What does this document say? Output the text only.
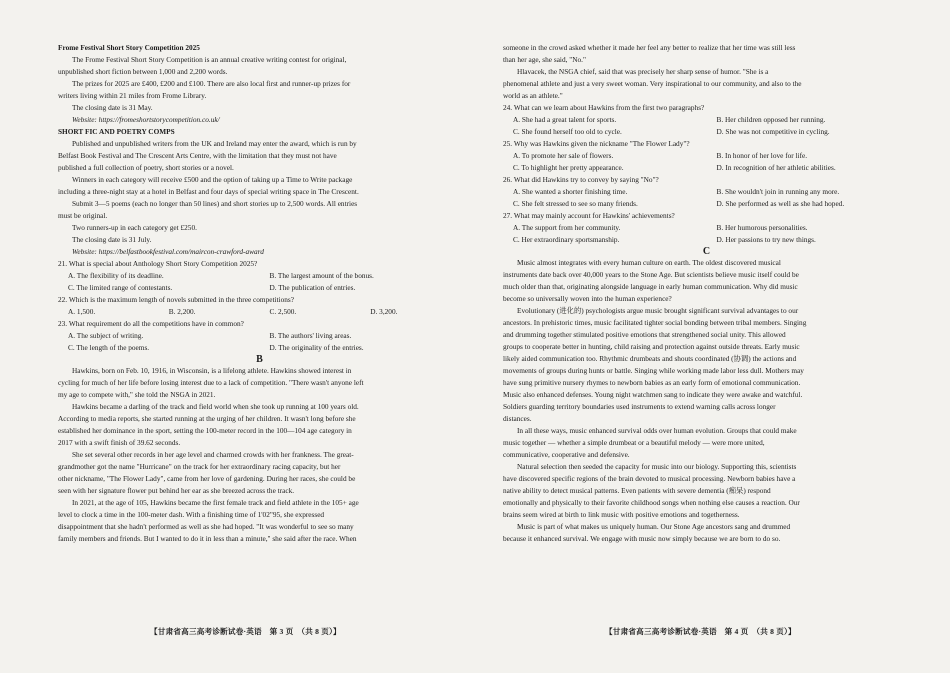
Frome Festival Short Story Competition 2025

The Frome Festival Short Story Competition is an annual creative writing contest for original,

unpublished short fiction between 1,000 and 2,200 words.

The prizes for 2025 are £400, £200 and £100. There are also local first and runner-up prizes for

writers living within 21 miles from Frome Library.

The closing date is 31 May.

Website: https://fromeshortstorycompetition.co.uk/

SHORT FIC AND POETRY COMPS

Published and unpublished writers from the UK and Ireland may enter the award, which is run by

Belfast Book Festival and The Crescent Arts Centre, with the limitation that they must not have

published a full collection of poetry, short stories or a novel.

Winners in each category will receive £500 and the option of taking up a Time to Write package

including a three-night stay at a hotel in Belfast and four days of special writing space in The Crescent.

Submit 3—5 poems (each no longer than 50 lines) and short stories up to 2,500 words. All entries

must be original.

Two runners-up in each category get £250.

The closing date is 31 July.

Website: https://belfastbookfestival.com/maircon-crawford-award

21. What is special about Anthology Short Story Competition 2025?

A. The flexibility of its deadline.	B. The largest amount of the bonus.
C. The limited range of contestants.	D. The publication of entries.

22. Which is the maximum length of novels submitted in the three competitions?

A. 1,500.	B. 2,200.	C. 2,500.	D. 3,200.

23. What requirement do all the competitions have in common?

A. The subject of writing.	B. The authors' living areas.
C. The length of the poems.	D. The originality of the entries.

B

Hawkins, born on Feb. 10, 1916, in Wisconsin, is a lifelong athlete. Hawkins showed interest in

cycling for much of her life before losing interest due to a lack of competition. "There wasn't anyone left

my age to compete with," she told the NSGA in 2021.

Hawkins became a darling of the track and field world when she took up running at 100 years old.

According to media reports, she started running at the urging of her children. It wasn't long before she

established her dominance in the sport, setting the 100-meter record in the 100—104 age category in

2017 with a swift finish of 39.62 seconds.

She set several other records in her age level and charmed crowds with her frankness. The great-

grandmother got the name "Hurricane" on the track for her extraordinary racing capacity, but her

other nickname, "The Flower Lady", came from her love of gardening. During her races, she could be

seen with her signature flower put behind her ear as she breezed across the track.

In 2021, at the age of 105, Hawkins became the first female track and field athlete in the 105+ age

level to clock a time in the 100-meter dash. With a finishing time of 1'02"95, she expressed

disappointment that she hadn't performed as well as she had hoped. "It was wonderful to see so many

family members and friends. But I wanted to do it in less than a minute," she said after the race. When

someone in the crowd asked whether it made her feel any better to realize that her time was still less

than her age, she said, "No."

Hlavacek, the NSGA chief, said that was precisely her sharp sense of humor. "She is a

phenomenal athlete and just a very sweet woman. Very inspirational to our community, and also to the

world as an athlete."

24. What can we learn about Hawkins from the first two paragraphs?

A. She had a great talent for sports.	B. Her children opposed her running.
C. She found herself too old to cycle.	D. She was not competitive in cycling.

25. Why was Hawkins given the nickname "The Flower Lady"?

A. To promote her sale of flowers.	B. In honor of her love for life.
C. To highlight her pretty appearance.	D. In recognition of her athletic abilities.

26. What did Hawkins try to convey by saying "No"?

A. She wanted a shorter finishing time.	B. She wouldn't join in running any more.
C. She felt stressed to see so many friends.	D. She performed as well as she had hoped.

27. What may mainly account for Hawkins' achievements?

A. The support from her community.	B. Her humorous personalities.
C. Her extraordinary sportsmanship.	D. Her passions to try new things.

C

Music almost integrates with every human culture on earth. The oldest discovered musical

instruments date back over 40,000 years to the Stone Age. But scientists believe music itself could be

much older than that, originating alongside language in early human communication. Why did music

become so universally woven into the human experience?

Evolutionary (进化的) psychologists argue music brought significant survival advantages to our

ancestors. In prehistoric times, music facilitated tighter social bonding between tribal members. Singing

and drumming together stimulated positive emotions that strengthened social unity. This allowed

groups to cooperate better in hunting, child raising and protection against outside threats. Early music

likely aided communication too. Rhythmic drumbeats and shouts coordinated (协调) the actions and

movements of groups during hunts or battle. Singing while working made labor less dull. Mothers may

have sung primitive nursery rhymes to newborn babies as an early form of emotional communication.

Music also enhanced defenses. Young night watchmen sang to indicate they were awake and watchful.

Soldiers guarding territory boundaries used instruments to extend warning calls across longer

distances.

In all these ways, music enhanced survival odds over human evolution. Groups that could make

music together — whether a simple drumbeat or a beautiful melody — were more united,

communicative, cooperative and defensive.

Natural selection then seeded the capacity for music into our biology. Supporting this, scientists

have discovered specific regions of the brain devoted to musical processing. Newborn babies have a

native ability to detect musical patterns. Even patients with severe dementia (痴呆) respond

emotionally and physically to their favorite childhood songs when nothing else causes a reaction. Our

brains seem wired at birth to link music with positive emotions and togetherness.

Music is part of what makes us uniquely human. Our Stone Age ancestors sang and drummed

because it enhanced survival. We engage with music now simply because we are born to do so.

【甘肃省高三高考诊断试卷·英语　第 3 页　（共 8 页）】	【甘肃省高三高考诊断试卷·英语　第 4 页　（共 8 页）】
